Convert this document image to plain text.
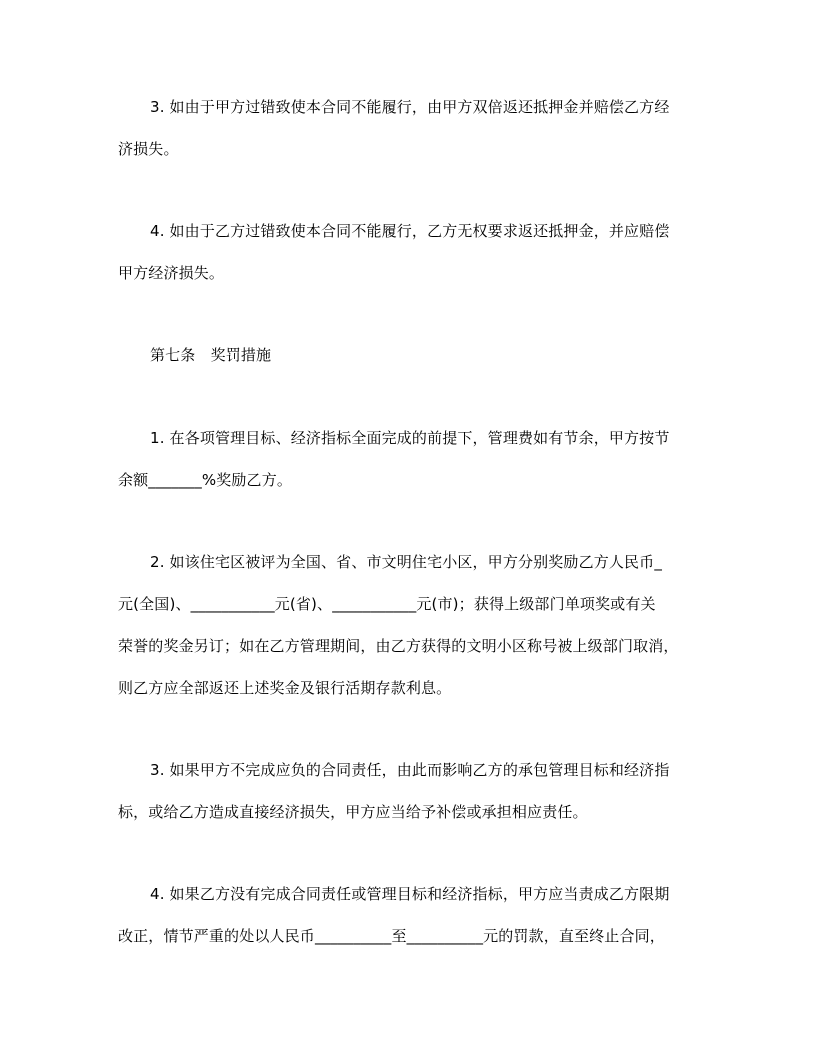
3. 如由于甲方过错致使本合同不能履行，由甲方双倍返还抵押金并赔偿乙方经
济损失。

4. 如由于乙方过错致使本合同不能履行，乙方无权要求返还抵押金，并应赔偿
甲方经济损失。

第七条　奖罚措施

1. 在各项管理目标、经济指标全面完成的前提下，管理费如有节余，甲方按节
余额_______%奖励乙方。

2. 如该住宅区被评为全国、省、市文明住宅小区，甲方分别奖励乙方人民币_
元(全国)、___________元(省)、___________元(市)；获得上级部门单项奖或有关
荣誉的奖金另订；如在乙方管理期间，由乙方获得的文明小区称号被上级部门取消，
则乙方应全部返还上述奖金及银行活期存款利息。

3. 如果甲方不完成应负的合同责任，由此而影响乙方的承包管理目标和经济指
标，或给乙方造成直接经济损失，甲方应当给予补偿或承担相应责任。

4. 如果乙方没有完成合同责任或管理目标和经济指标，甲方应当责成乙方限期
改正，情节严重的处以人民币__________至__________元的罚款，直至终止合同，
